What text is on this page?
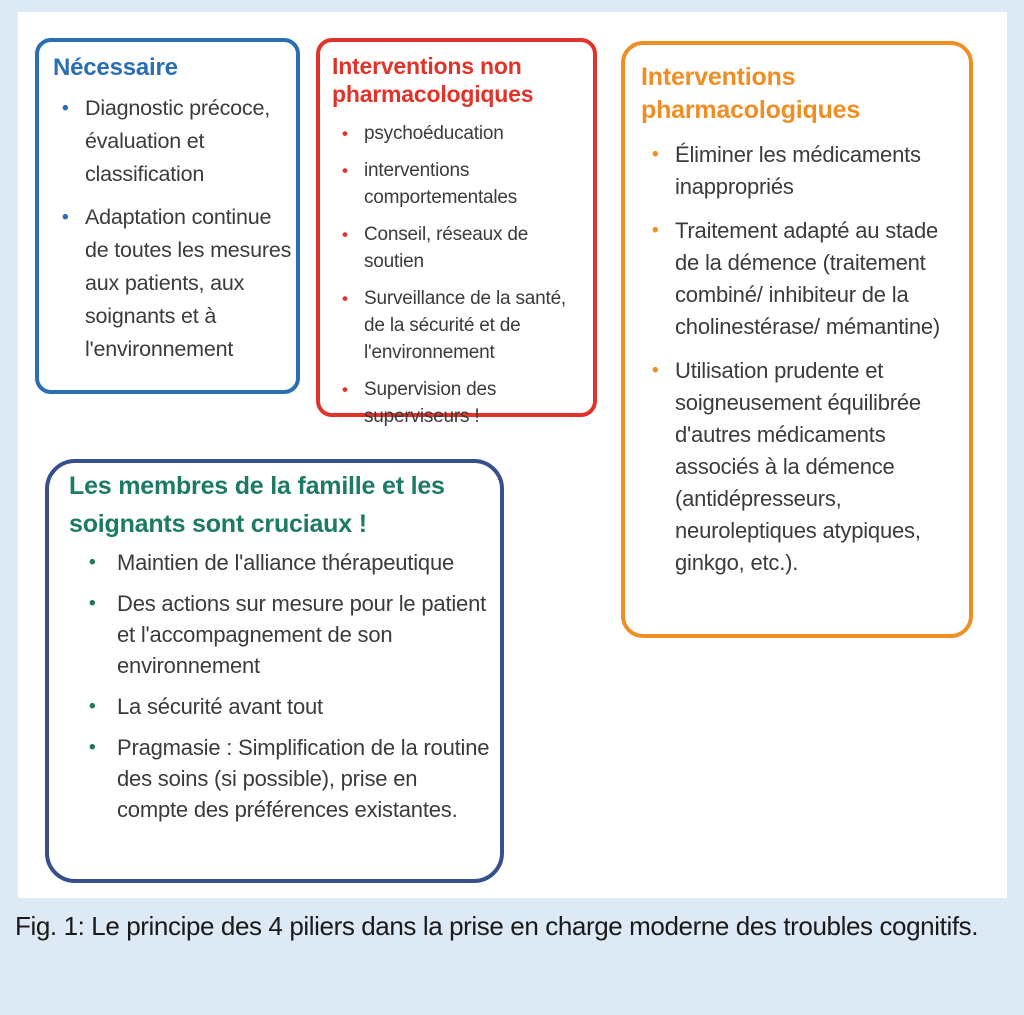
Nécessaire
• Diagnostic précoce, évaluation et classification
• Adaptation continue de toutes les mesures aux patients, aux soignants et à l'environnement
Interventions non pharmacologiques
• psychoéducation
• interventions comportementales
• Conseil, réseaux de soutien
• Surveillance de la santé, de la sécurité et de l'environnement
• Supervision des superviseurs !
Interventions pharmacologiques
• Éliminer les médicaments inappropriés
• Traitement adapté au stade de la démence (traitement combiné/ inhibiteur de la cholinestérase/ mémantine)
• Utilisation prudente et soigneusement équilibrée d'autres médicaments associés à la démence (antidépresseurs, neuroleptiques atypiques, ginkgo, etc.).
Les membres de la famille et les soignants sont cruciaux !
• Maintien de l'alliance thérapeutique
• Des actions sur mesure pour le patient et l'accompagnement de son environnement
• La sécurité avant tout
• Pragmasie : Simplification de la routine des soins (si possible), prise en compte des préférences existantes.
Fig. 1: Le principe des 4 piliers dans la prise en charge moderne des troubles cognitifs.
